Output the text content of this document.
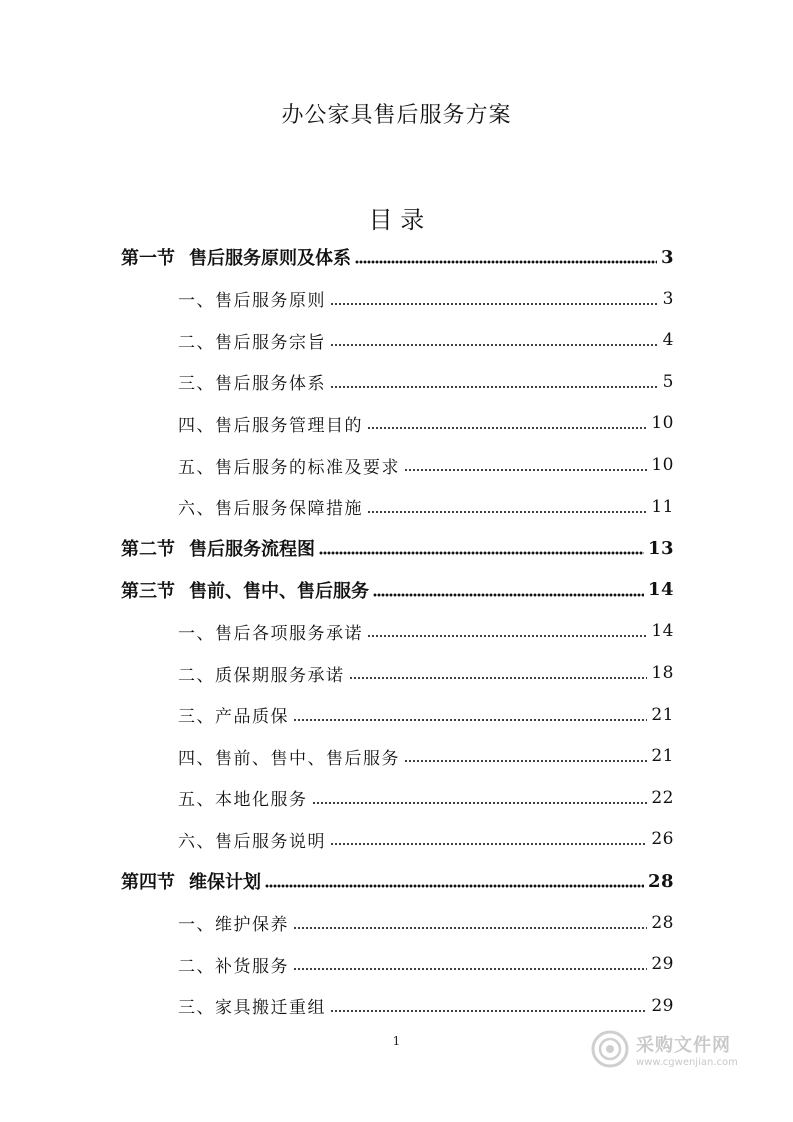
办公家具售后服务方案
目 录
第一节 售后服务原则及体系	3
一、售后服务原则	3
二、售后服务宗旨	4
三、售后服务体系	5
四、售后服务管理目的	10
五、售后服务的标准及要求	10
六、售后服务保障措施	11
第二节 售后服务流程图	13
第三节 售前、售中、售后服务	14
一、售后各项服务承诺	14
二、质保期服务承诺	18
三、产品质保	21
四、售前、售中、售后服务	21
五、本地化服务	22
六、售后服务说明	26
第四节 维保计划	28
一、维护保养	28
二、补货服务	29
三、家具搬迁重组	29
1	采购文件网
www.cgwenjian.com
